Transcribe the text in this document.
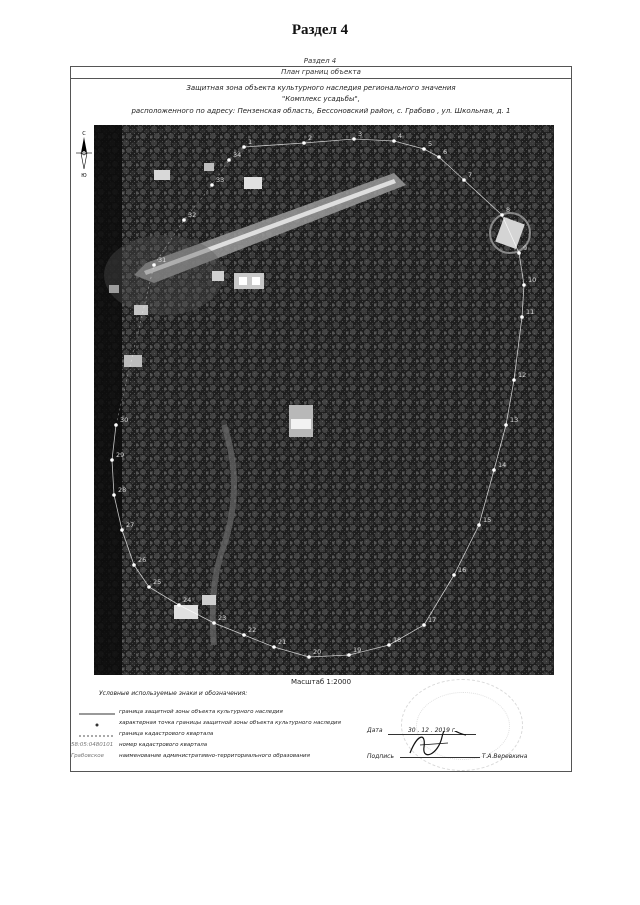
Раздел 4
Раздел 4
План границ объекта
Защитная зона объекта культурного наследия регионального значения
"Комплекс усадьбы",
расположенного по адресу: Пензенская область, Бессоновский район, с. Грабово , ул. Школьная, д. 1
С
Ю
1	2	3	4
5
6
7
8
9
10
11
12
13
14
15
16
17
18
19
20
21
22
23
24
25
26
27
28
29
30
31
32
33
34
Масштаб 1:2000
Условные используемые знаки и обозначения:
граница защитной зоны объекта культурного наследия
характерная точка границы защитной зоны объекта культурного наследия
граница кадастрового квартала
58:05:0480101 номер кадастрового квартала
Грабовское	наименование административно-территориального образования
Дата	30 . 12 . 2019 г.
Подпись	Т.А.Веревкина
